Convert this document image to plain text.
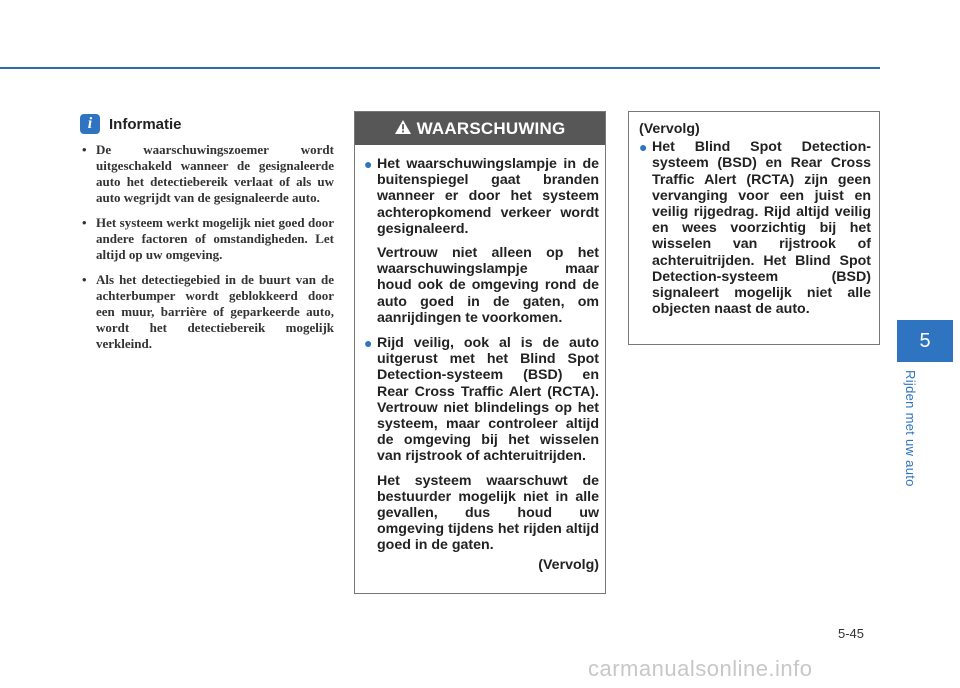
i	Informatie
• De waarschuwingszoemer wordt uitgeschakeld wanneer de gesignaleerde auto het detectiebereik verlaat of als uw auto wegrijdt van de gesignaleerde auto.
• Het systeem werkt mogelijk niet goed door andere factoren of omstandigheden. Let altijd op uw omgeving.
• Als het detectiegebied in de buurt van de achterbumper wordt geblokkeerd door een muur, barrière of geparkeerde auto, wordt het detectiebereik mogelijk verkleind.
WAARSCHUWING
● Het waarschuwingslampje in de buitenspiegel gaat branden wanneer er door het systeem achteropkomend verkeer wordt gesignaleerd.
Vertrouw niet alleen op het waarschuwingslampje maar houd ook de omgeving rond de auto goed in de gaten, om aanrijdingen te voorkomen.
● Rijd veilig, ook al is de auto uitgerust met het Blind Spot Detection-systeem (BSD) en Rear Cross Traffic Alert (RCTA). Vertrouw niet blindelings op het systeem, maar controleer altijd de omgeving bij het wisselen van rijstrook of achteruitrijden.
Het systeem waarschuwt de bestuurder mogelijk niet in alle gevallen, dus houd uw omgeving tijdens het rijden altijd goed in de gaten.
(Vervolg)
(Vervolg)
● Het Blind Spot Detection-systeem (BSD) en Rear Cross Traffic Alert (RCTA) zijn geen vervanging voor een juist en veilig rijgedrag. Rijd altijd veilig en wees voorzichtig bij het wisselen van rijstrook of achteruitrijden. Het Blind Spot Detection-systeem (BSD) signaleert mogelijk niet alle objecten naast de auto.
5
Rijden met uw auto
5-45
carmanualsonline.info
